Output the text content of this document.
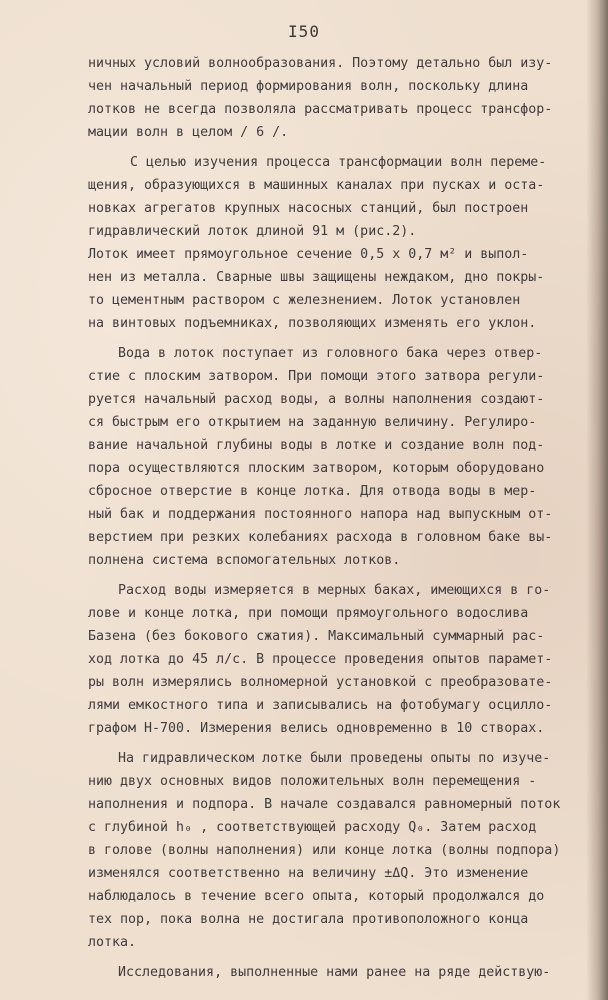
I50
ничных условий волнообразования. Поэтому детально был изу-
чен начальный период формирования волн, поскольку длина
лотков не всегда позволяла рассматривать процесс трансфор-
мации волн в целом / 6 /.
С целью изучения процесса трансформации волн переме-
щения, образующихся в машинных каналах при пусках и оста-
новках агрегатов крупных насосных станций, был построен
гидравлический лоток длиной 91 м (рис.2).
Лоток имеет прямоугольное сечение 0,5 х 0,7 м² и выпол-
нен из металла. Сварные швы защищены неждаком, дно покры-
то цементным раствором с железнением. Лоток установлен
на винтовых подъемниках, позволяющих изменять его уклон.
Вода в лоток поступает из головного бака через отвер-
стие с плоским затвором. При помощи этого затвора регули-
руется начальный расход воды, а волны наполнения создают-
ся быстрым его открытием на заданную величину. Регулиро-
вание начальной глубины воды в лотке и создание волн под-
пора осуществляются плоским затвором, которым оборудовано
сбросное отверстие в конце лотка. Для отвода воды в мер-
ный бак и поддержания постоянного напора над выпускным от-
верстием при резких колебаниях расхода в головном баке вы-
полнена система вспомогательных лотков.
Расход воды измеряется в мерных баках, имеющихся в го-
лове и конце лотка, при помощи прямоугольного водослива
Базена (без бокового сжатия). Максимальный суммарный рас-
ход лотка до 45 л/с. В процессе проведения опытов парамет-
ры волн измерялись волномерной установкой с преобразовате-
лями емкостного типа и записывались на фотобумагу осцилло-
графом Н-700. Измерения велись одновременно в 10 створах.
На гидравлическом лотке были проведены опыты по изуче-
нию двух основных видов положительных волн перемещения -
наполнения и подпора. В начале создавался равномерный поток
с глубиной h₀ , соответствующей расходу Q₀. Затем расход
в голове (волны наполнения) или конце лотка (волны подпора)
изменялся соответственно на величину ±ΔQ. Это изменение
наблюдалось в течение всего опыта, который продолжался до
тех пор, пока волна не достигала противоположного конца
лотка.
Исследования, выполненные нами ранее на ряде действую-
